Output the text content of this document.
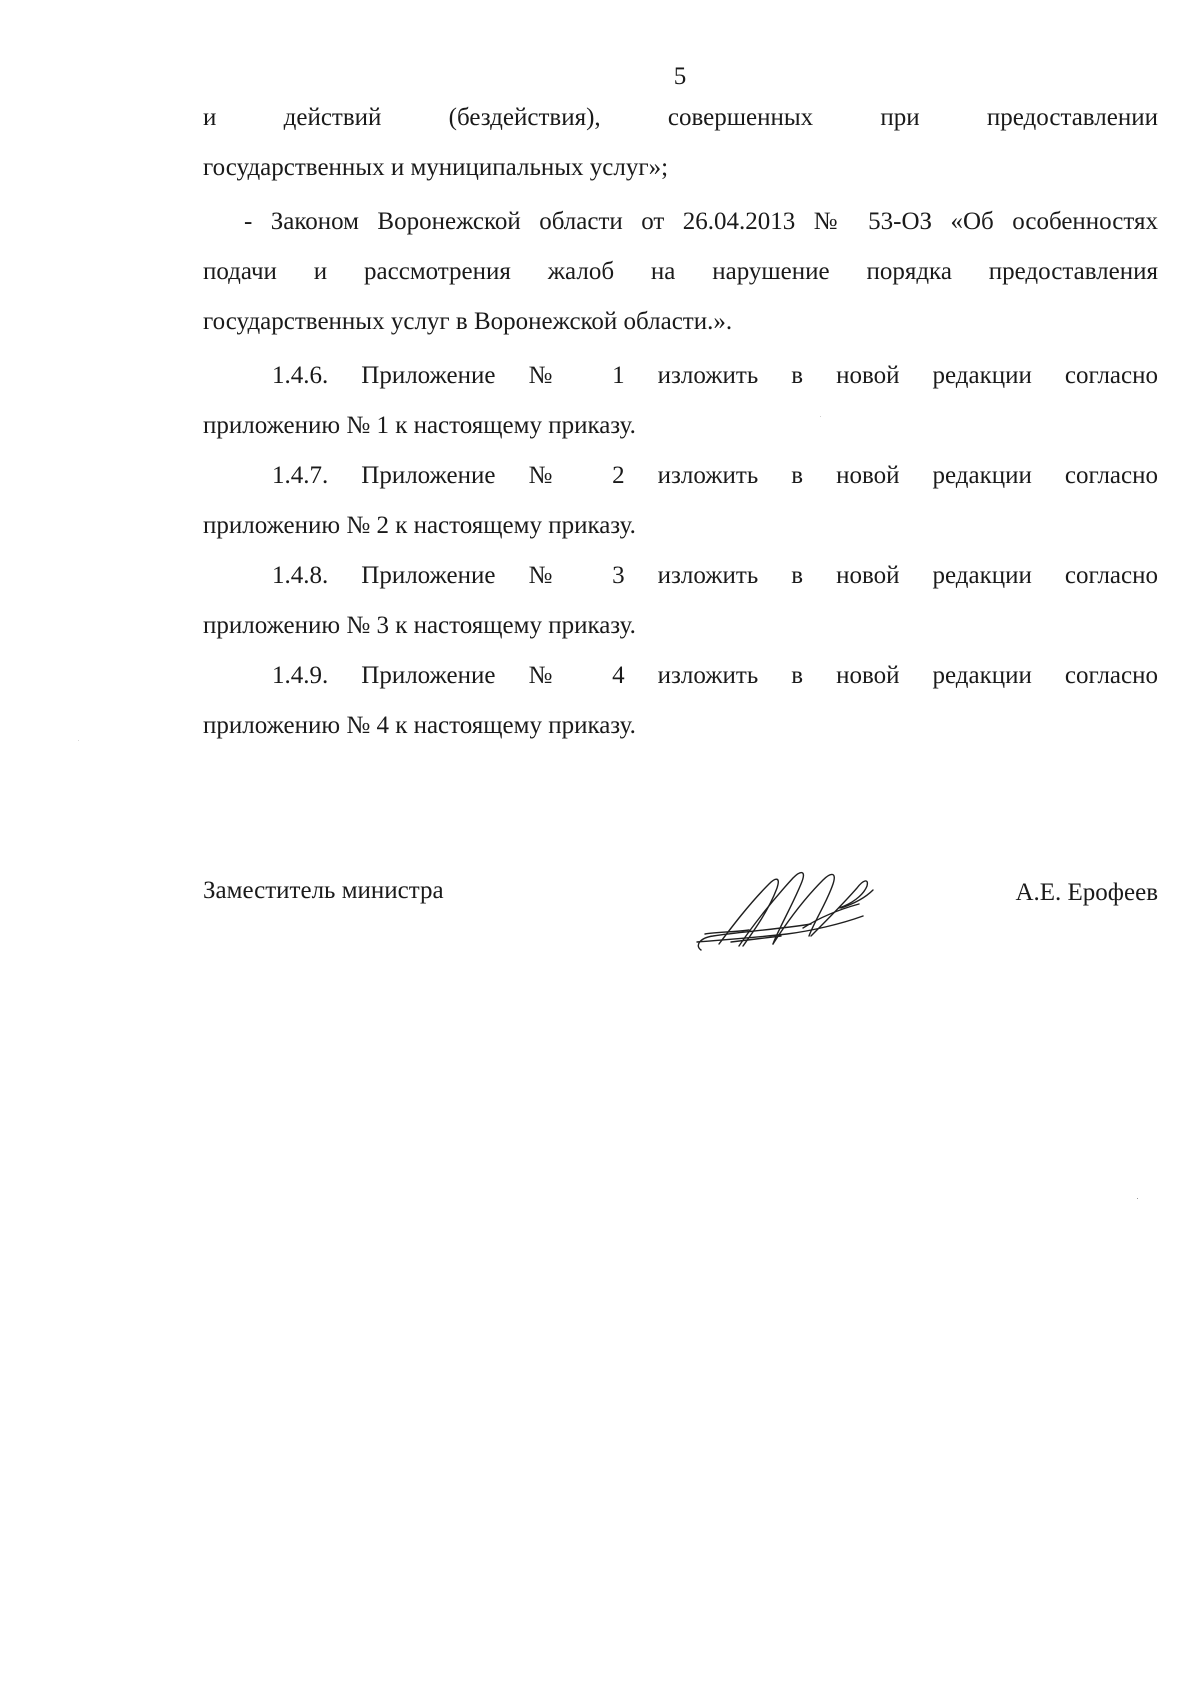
5

и действий (бездействия), совершенных при предоставлении
государственных и муниципальных услуг»;

- Законом Воронежской области от 26.04.2013 № 53-ОЗ «Об особенностях
подачи и рассмотрения жалоб на нарушение порядка предоставления
государственных услуг в Воронежской области.».

1.4.6. Приложение № 1 изложить в новой редакции согласно
приложению № 1 к настоящему приказу.

1.4.7. Приложение № 2 изложить в новой редакции согласно
приложению № 2 к настоящему приказу.

1.4.8. Приложение № 3 изложить в новой редакции согласно
приложению № 3 к настоящему приказу.

1.4.9. Приложение № 4 изложить в новой редакции согласно
приложению № 4 к настоящему приказу.

Заместитель министра	А.Е. Ерофеев
